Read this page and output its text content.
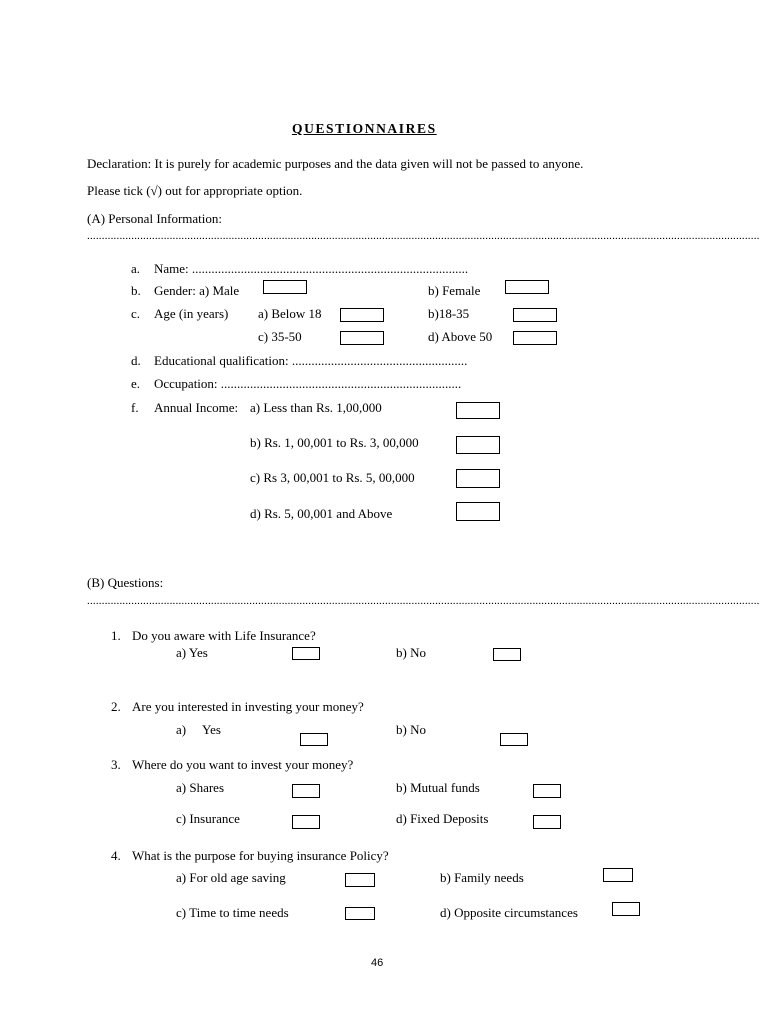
QUESTIONNAIRES
Declaration: It is purely for academic purposes and the data given will not be passed to anyone.
Please tick (√) out for appropriate option.
(A) Personal Information:
....................................................................................................................................................................................................................................
a. Name: .....................................................................................
b. Gender: a) Male	b) Female
c. Age (in years) a) Below 18	b)18-35
c) 35-50	d) Above 50
d. Educational qualification: ......................................................
e. Occupation: ..........................................................................
f. Annual Income: a) Less than Rs. 1,00,000
b) Rs. 1, 00,001 to Rs. 3, 00,000
c) Rs 3, 00,001 to Rs. 5, 00,000
d) Rs. 5, 00,001 and Above
(B) Questions:
....................................................................................................................................................................................................................................
1. Do you aware with Life Insurance?
a) Yes	b) No
2. Are you interested in investing your money?
a) Yes	b) No
3. Where do you want to invest your money?
a) Shares	b) Mutual funds
c) Insurance	d) Fixed Deposits
4. What is the purpose for buying insurance Policy?
a) For old age saving	b) Family needs
c) Time to time needs	d) Opposite circumstances
46
